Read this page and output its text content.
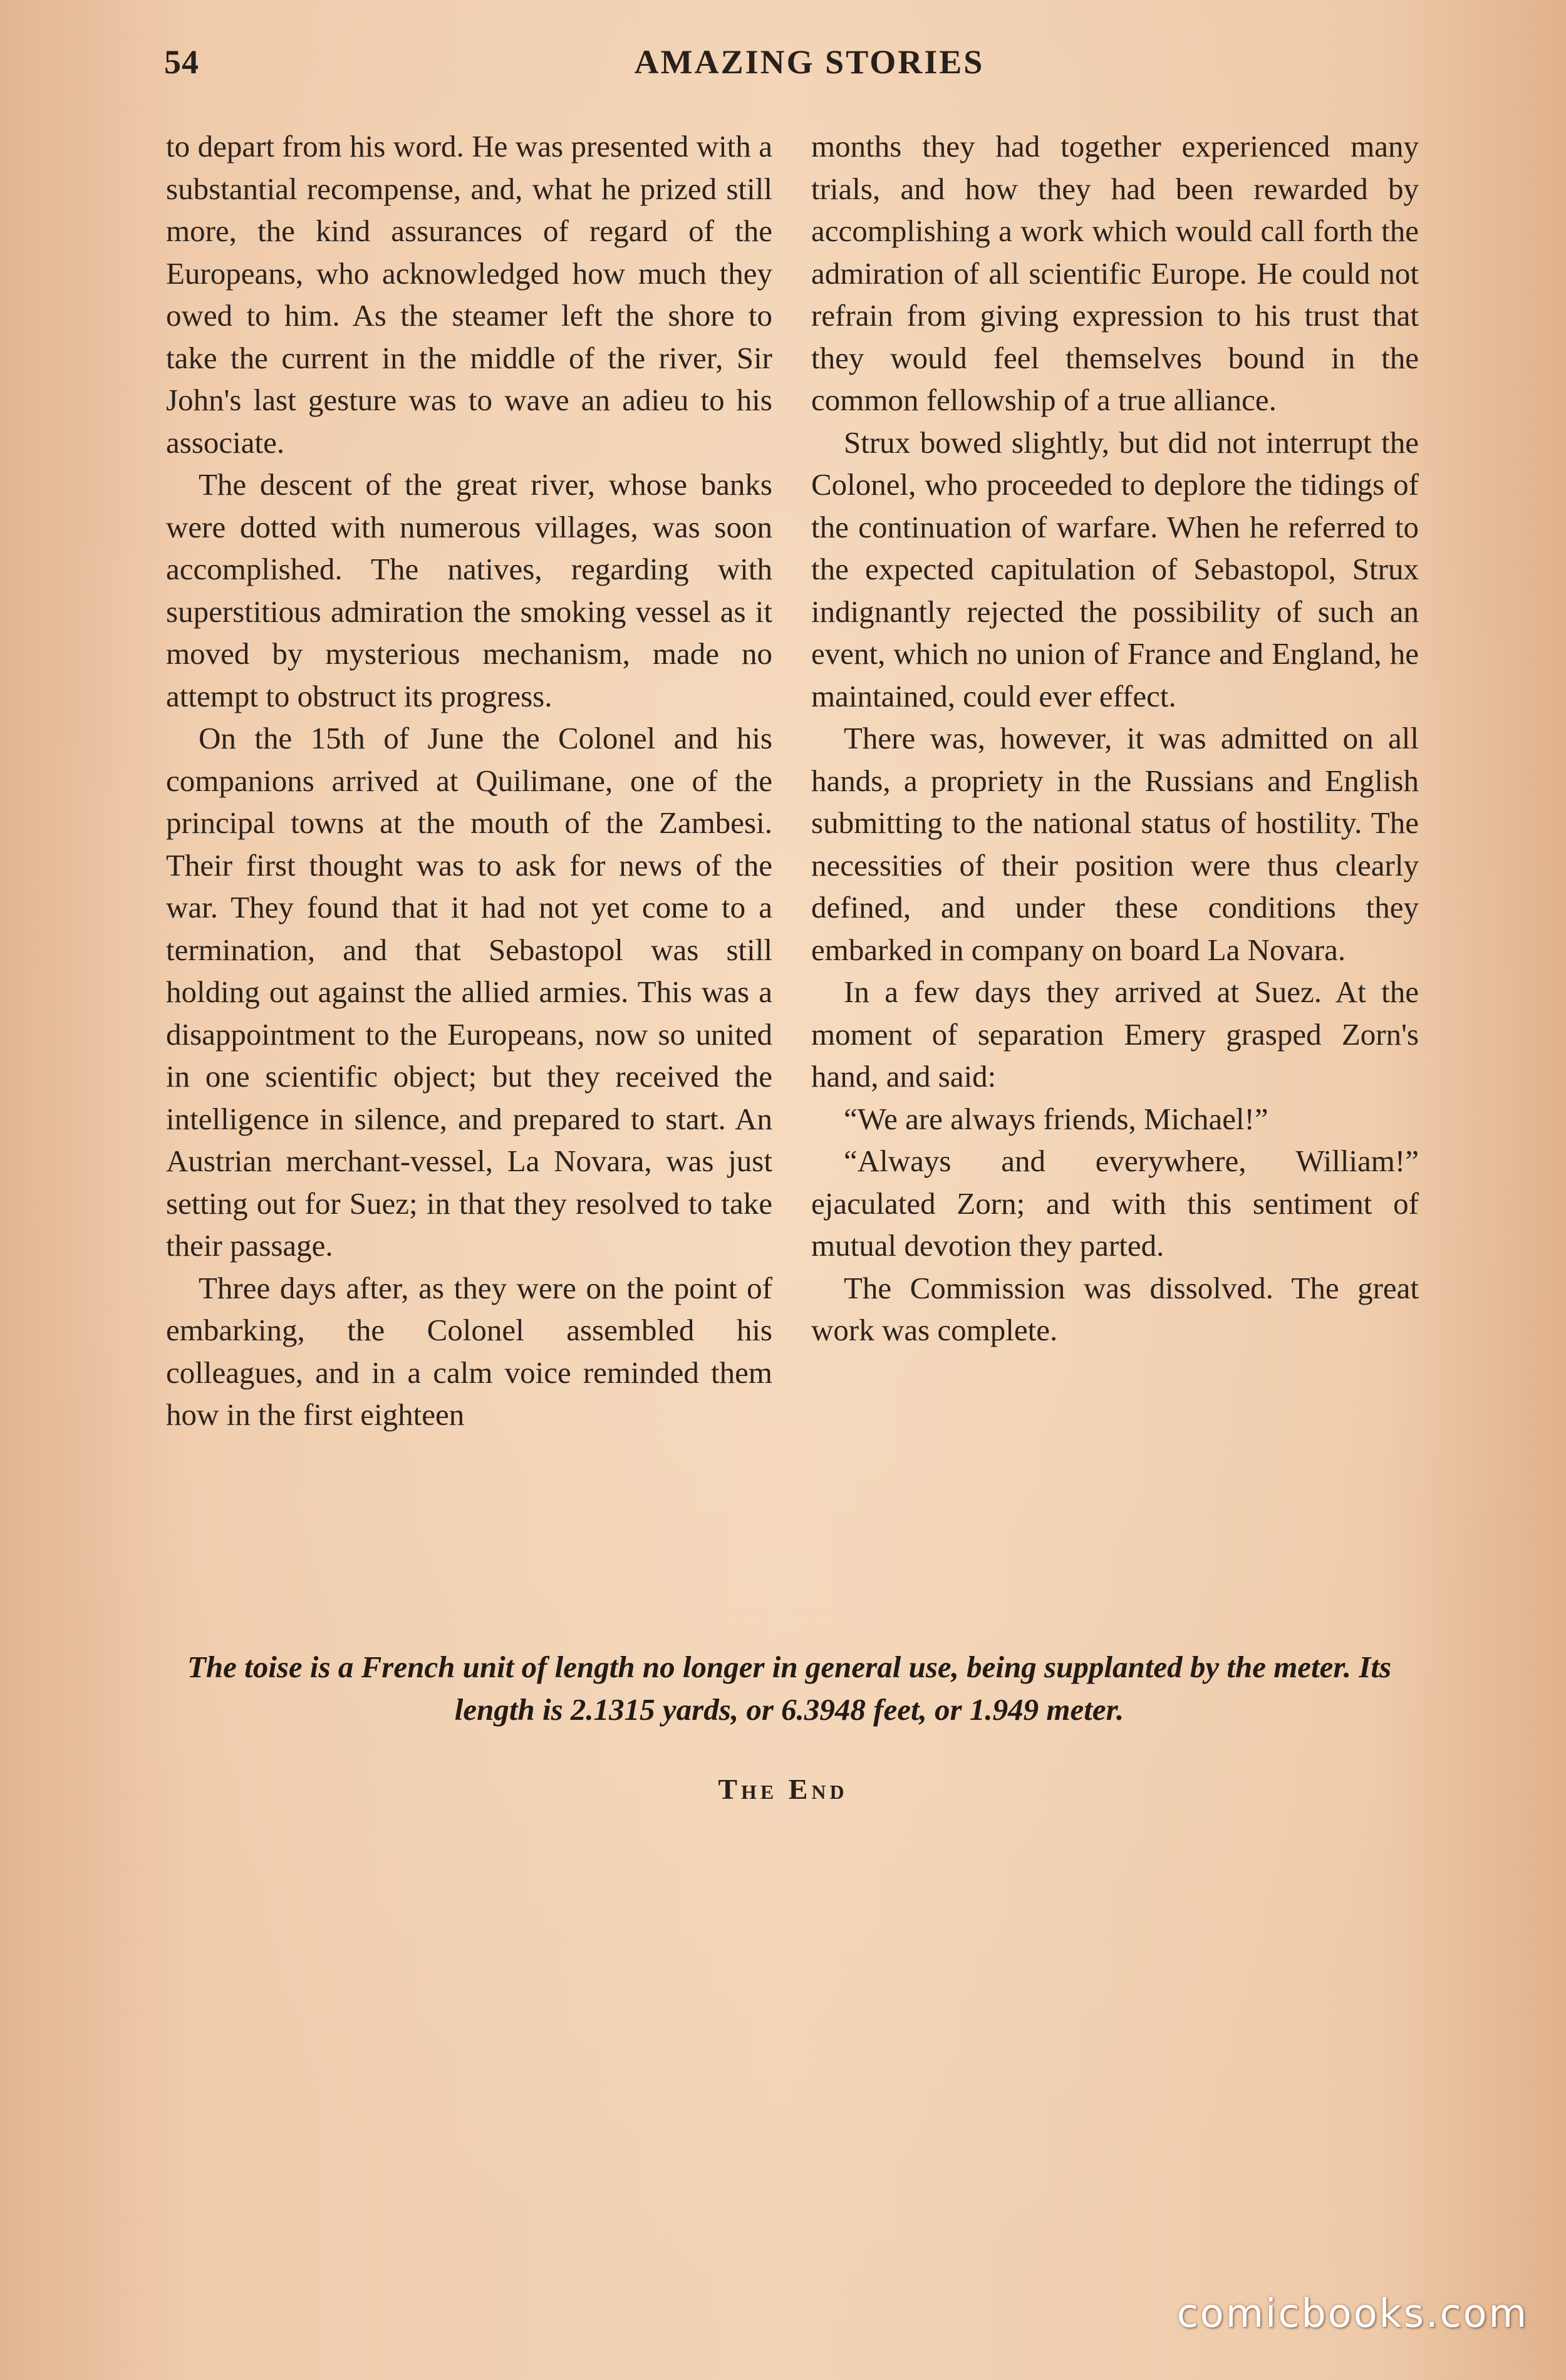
54	AMAZING STORIES

to depart from his word. He was presented with a substantial recompense, and, what he prized still more, the kind assurances of regard of the Europeans, who acknowledged how much they owed to him. As the steamer left the shore to take the current in the middle of the river, Sir John's last gesture was to wave an adieu to his associate.

The descent of the great river, whose banks were dotted with numerous villages, was soon accomplished. The natives, regarding with superstitious admiration the smoking vessel as it moved by mysterious mechanism, made no attempt to obstruct its progress.

On the 15th of June the Colonel and his companions arrived at Quilimane, one of the principal towns at the mouth of the Zambesi. Their first thought was to ask for news of the war. They found that it had not yet come to a termination, and that Sebastopol was still holding out against the allied armies. This was a disappointment to the Europeans, now so united in one scientific object; but they received the intelligence in silence, and prepared to start. An Austrian merchant-vessel, La Novara, was just setting out for Suez; in that they resolved to take their passage.

Three days after, as they were on the point of embarking, the Colonel assembled his colleagues, and in a calm voice reminded them how in the first eighteen

months they had together experienced many trials, and how they had been rewarded by accomplishing a work which would call forth the admiration of all scientific Europe. He could not refrain from giving expression to his trust that they would feel themselves bound in the common fellowship of a true alliance.

Strux bowed slightly, but did not interrupt the Colonel, who proceeded to deplore the tidings of the continuation of warfare. When he referred to the expected capitulation of Sebastopol, Strux indignantly rejected the possibility of such an event, which no union of France and England, he maintained, could ever effect.

There was, however, it was admitted on all hands, a propriety in the Russians and English submitting to the national status of hostility. The necessities of their position were thus clearly defined, and under these conditions they embarked in company on board La Novara.

In a few days they arrived at Suez. At the moment of separation Emery grasped Zorn's hand, and said:

“We are always friends, Michael!”

“Always and everywhere, William!” ejaculated Zorn; and with this sentiment of mutual devotion they parted.

The Commission was dissolved. The great work was complete.

The toise is a French unit of length no longer in general use, being supplanted by the meter. Its length is 2.1315 yards, or 6.3948 feet, or 1.949 meter.
The End
comicbooks.com
